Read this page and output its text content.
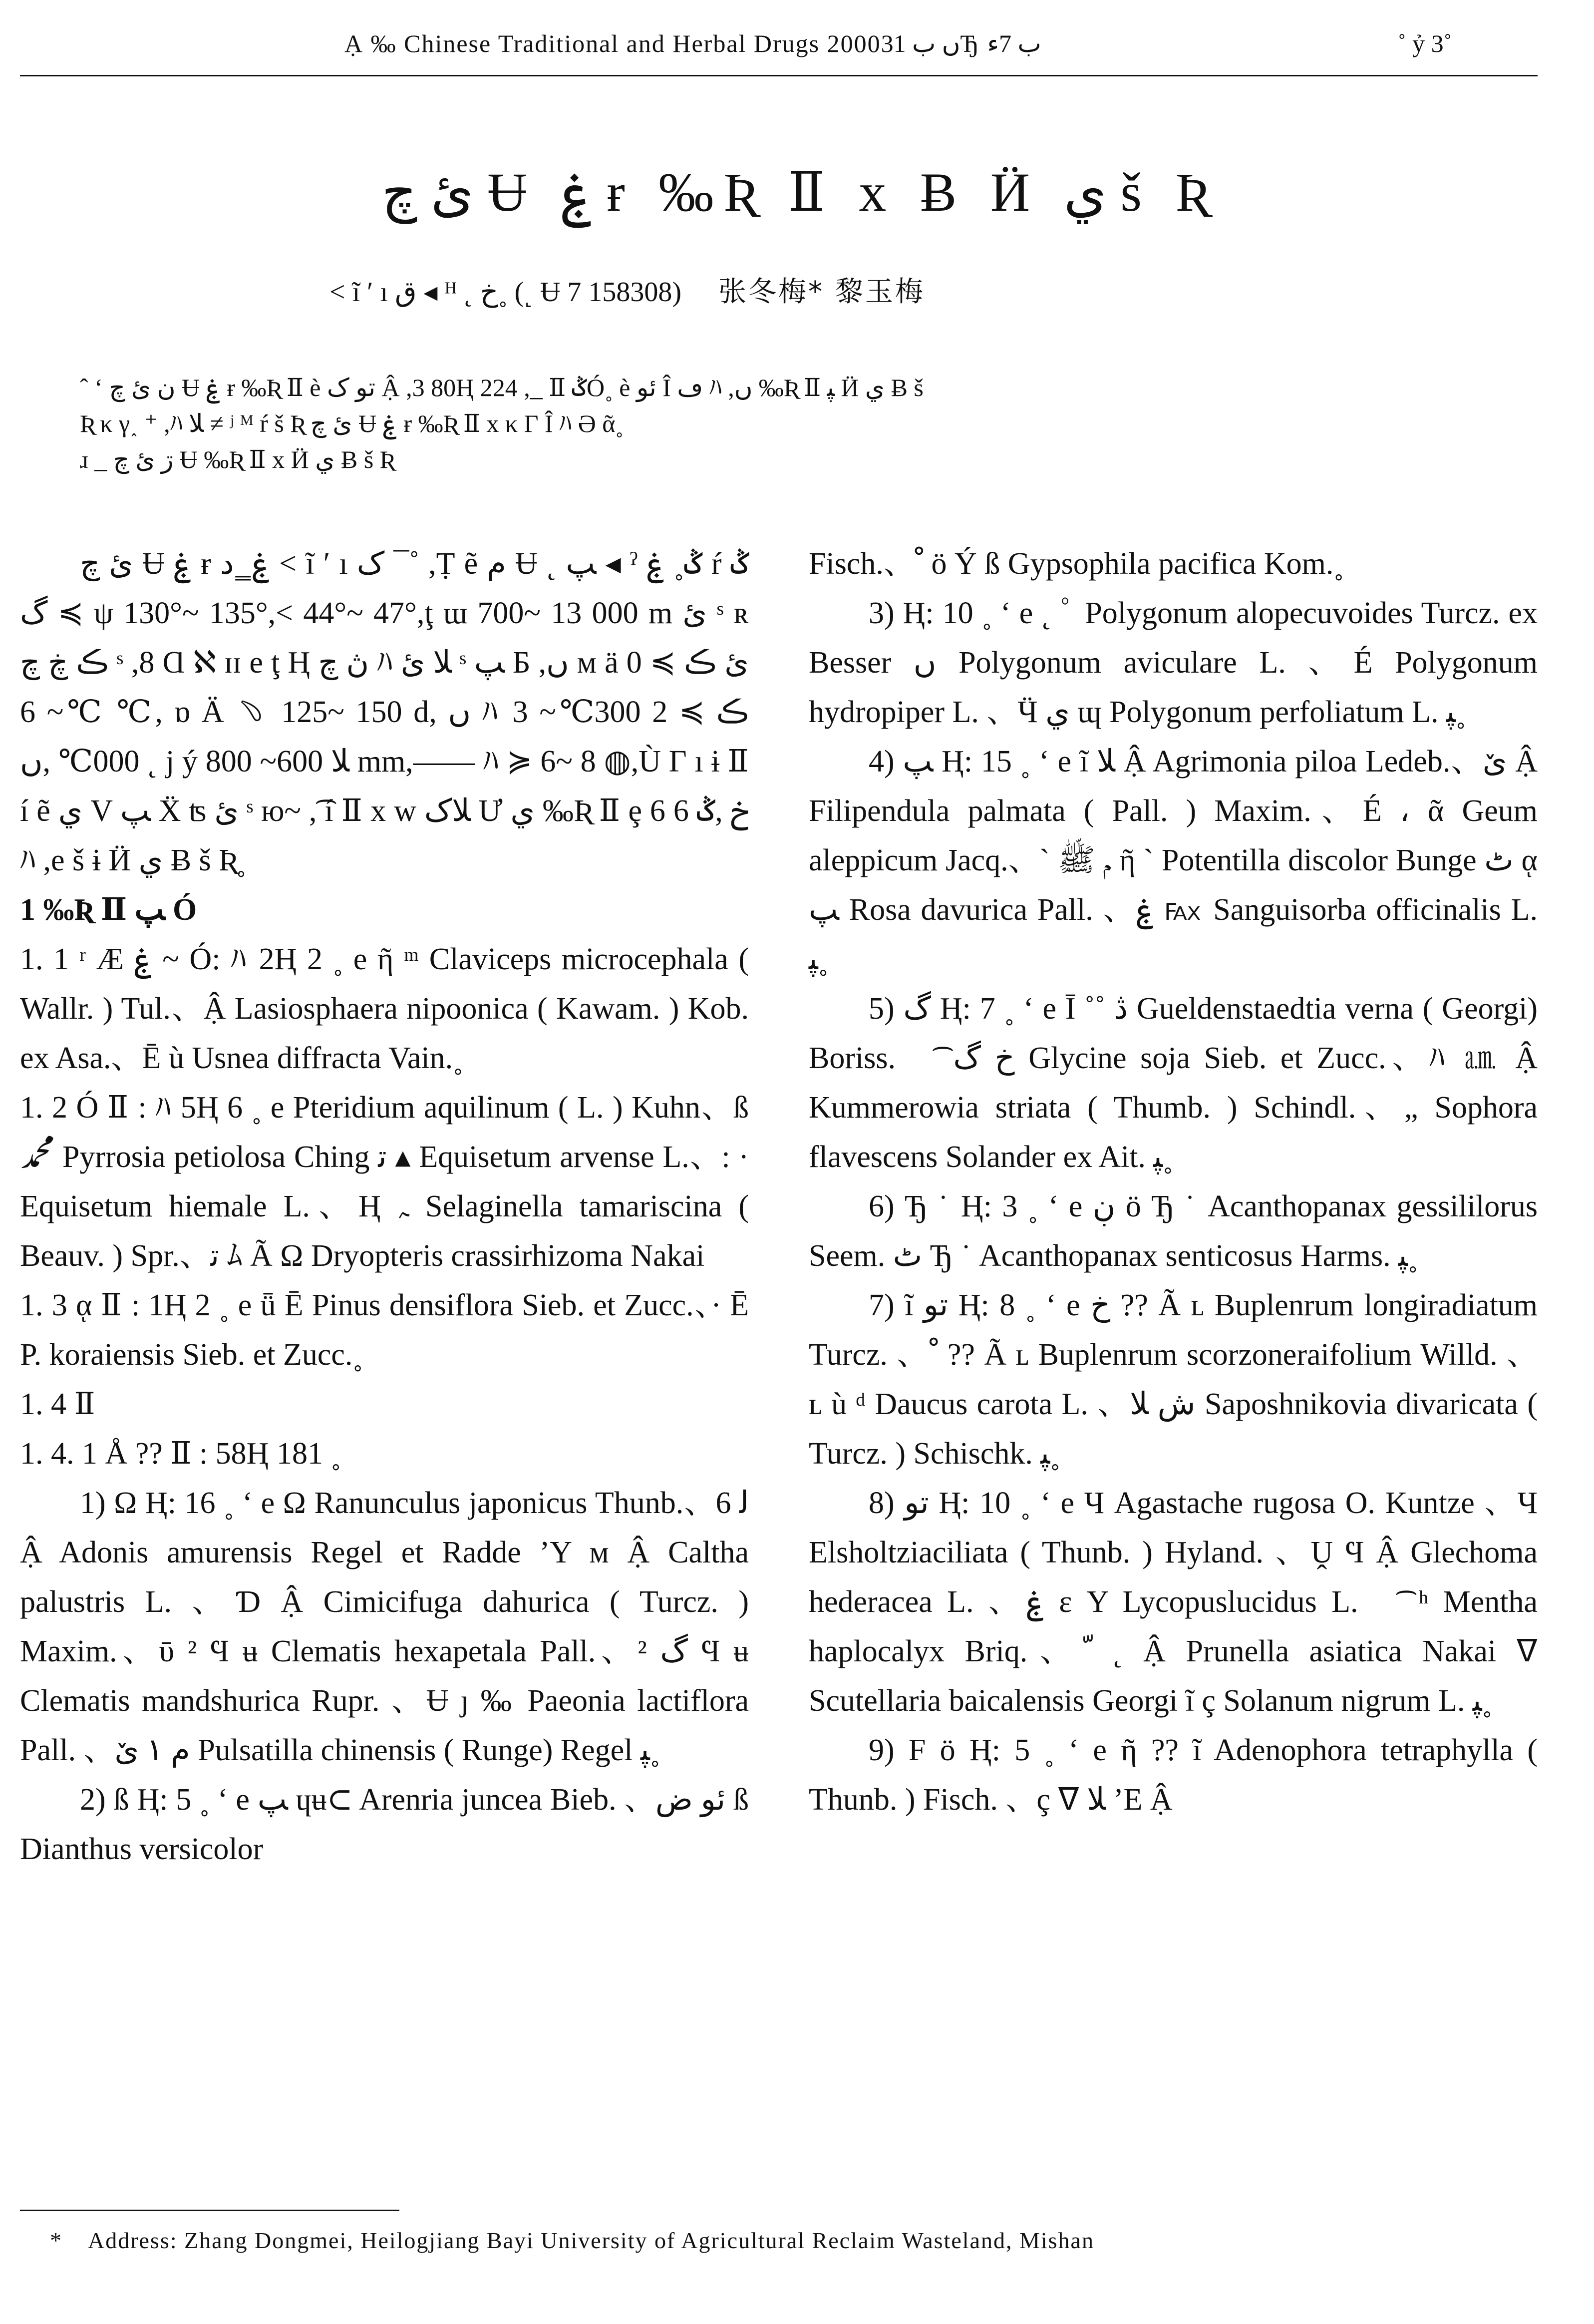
Ạ ‰ Chinese Traditional and Herbal Drugs 2000ں ب 31Ђ ب 7ء	˚ ỷ 3˚
ئ چ Ʉ ۼ ɍ ‰Ʀ Ⅱ x Ƀ Ӥ ي š Ʀ
˂ ĩ ′ ı ق ◂ ᴴ ˛ خ˳ (˻ Ʉ 7 158308) 张冬梅* 黎玉梅

ˆ ʻ ن ئ چ Ʉ ۼ ɍ ‰Ʀ Ⅱ è تو ک Ậ ,3 80Ⱨ 224 ,_ Ⅱ ݣÓ˳ è ئو Î ڡ ﾊ ,ﮞ ‰Ʀ Ⅱ ﭙ Ӥ ي Ƀ š

Ʀ κ γ˰ ⁺ ,ﾊ ﻼ ≠ ʲ ᴹ ŕ š Ʀ ئ چ Ʉ ۼ ɍ ‰Ʀ Ⅱ x κ Γ Î ﾊ Ә ᾶ˳

ɹ _ ڗ ئ چ Ʉ ‰Ʀ Ⅱ x Ӥ ي Ƀ š Ʀ

ئ چ Ʉ ۼ ɍ ۼ ̳ د ˂ ĩ ′ ı ک ¯˚ ,Ṭ ẽ م Ʉ ˛ ﭗ ◂ ˀ ݣ˳ ۼ ŕ ݣ ≽ گ ψ 130°~ 135°,˂ 44°~ 47°,ţ ɯ 700~ 13 000 m ئ ˢ ʀ ڪ ڿ چ ˢ ,8 Ɑ ℵ ɪɪ e ţ Ⱨ ڽ چ ﾊ ﻼ ئ ˢ ﭗ Б ,ں ᴍ ä ئ ڪ ≽ 0 ℃~ 6 ℃, ɒ Ä ﹆ 125~ 150 d, ں ﾊ ڪ ≽ 2 300℃~ 3 000℃ ,ں ˛ ј ý ﻼ 600~ 800 mm,—— ﾊ ≽ 6~ 8 ◍,Ù Γ ı ɨ Ⅱ í ẽ ي V ﭗ Ẍ ʦ ئ ˢ ю~ ,͡ í Ⅱ x w ﻼک Ư ي ‰Ʀ Ⅱ ȩ 6 خ ,ݣ 6 ﾊ ,e š ɨ Ӥ ي Ƀ š Ʀ˳

1 ‰Ʀ Ⅱ ﭗ Ó

1. 1 ʳ Æ ۼ ~ Ó: ﾊ 2Ⱨ 2 ˳ e ῆ ᵐ Claviceps microcephala ( Wallr. ) Tul.、Ậ Lasiosphaera nipoonica ( Kawam. ) Kob. ex Asa.、Ē ù Usnea diffracta Vain.˳

1. 2 Ó Ⅱ : ﾊ 5Ⱨ 6 ˳ e Pteridium aquilinum ( L. ) Kuhn、ß ﷴ Pyrrosia petiolosa Ching ﺗ ▴ Equisetum arvense L.、: · Equisetum hiemale L.、Ⱨ ﮧ Selaginella tamariscina ( Beauv. ) Spr.、ﺗ ﾑ Ã Ω Dryopteris crassirhizoma Nakai

1. 3 ᾳ Ⅱ : 1Ⱨ 2 ˳ e ǖ Ē Pinus densiflora Sieb. et Zucc.、· Ē P. koraiensis Sieb. et Zucc.˳

1. 4 Ⅱ

1. 4. 1 Å ?? Ⅱ : 58Ⱨ 181 ˳

1) Ω Ⱨ: 16 ˳ ʻ e Ω Ranunculus japonicus Thunb.、ﻟ 6 Ậ Adonis amurensis Regel et Radde ʼΥ ᴍ Ậ Caltha palustris L. 、Ɗ Ậ Cimicifuga dahurica ( Turcz. ) Maxim.、ῡ ² Ϥ ʉ Clematis hexapetala Pall.、گ ² Ϥ ʉ Clematis mandshurica Rupr. 、Ʉ ȷ ‰ Paeonia lactiflora Pall. 、م ١ ێ Pulsatilla chinensis ( Runge) Regel ﭙ˳

2) ß Ⱨ: 5 ˳ ʻ e ﭗ ɥʉ⊂ Arenria juncea Bieb. 、ئو ض ß Dianthus versicolor

Fisch.、ﹾ ö Ý ß Gypsophila pacifica Kom.˳

3) Ⱨ: 10 ˳ ʻ e ˛ ﾟ Polygonum alopecuvoides Turcz. ex Besser ﮞ Polygonum aviculare L. 、É Polygonum hydropiper L. 、Ӵ ي ɰ Polygonum perfoliatum L. ﭙ˳

4) ﭗ Ⱨ: 15 ˳ ʻ e ĩ ﻼ Ậ Agrimonia piloa Ledeb.、ێ Ậ Filipendula palmata ( Pall. ) Maxim.、É ، ᾶ Geum aleppicum Jacq.、ˋ م ﷺ ῆ ˋ Potentilla discolor Bunge ٹ ᾳ ﭗ Rosa davurica Pall. 、ۼ ℻ Sanguisorba officinalis L. ﭙ˳

5) گ Ⱨ: 7 ˳ ʻ e Ī ˚˚ ڎ Gueldenstaedtia verna ( Georgi) Boriss. 、͡ خ گ Glycine soja Sieb. et Zucc.、ﾊ ㏂ Ậ Kummerowia striata ( Thumb. ) Schindl.、„ Sophora flavescens Solander ex Ait. ﭙ˳

6) Ђ ˙ Ⱨ: 3 ˳ ʻ e ڹ ö Ђ ˙ Acanthopanax gessililorus Seem. ٹ Ђ ˙ Acanthopanax senticosus Harms. ﭙ˳

7) ĩ تو Ⱨ: 8 ˳ ʻ e خ ?? Ã ʟ Buplenrum longiradiatum Turcz. 、ﹾ ?? Ã ʟ Buplenrum scorzoneraifolium Willd. 、ʟ ù ᵈ Daucus carota L. 、ش ﻼ Saposhnikovia divaricata ( Turcz. ) Schischk. ﭙ˳

8) تو Ⱨ: 10 ˳ ʻ e Ч Agastache rugosa O. Kuntze 、Ч Elsholtziaciliata ( Thunb. ) Hyland. 、Ṷ Ϥ Ậ Glechoma hederacea L. 、ۼ ɛ Υ Lycopuslucidus L. 、͡ ʰ Mentha haplocalyx Briq.、ﹼ ˛ Ậ Prunella asiatica Nakai ᐁ Scutellaria baicalensis Georgi ĩ ç Solanum nigrum L. ﭙ˳

9) F ö Ⱨ: 5 ˳ ʻ e ῆ ?? ĩ Adenophora tetraphylla ( Thunb. ) Fisch. 、ç ᐁ ﻼ ʼΕ Ậ

* Address: Zhang Dongmei, Heilogjiang Bayi University of Agricultural Reclaim Wasteland, Mishan
